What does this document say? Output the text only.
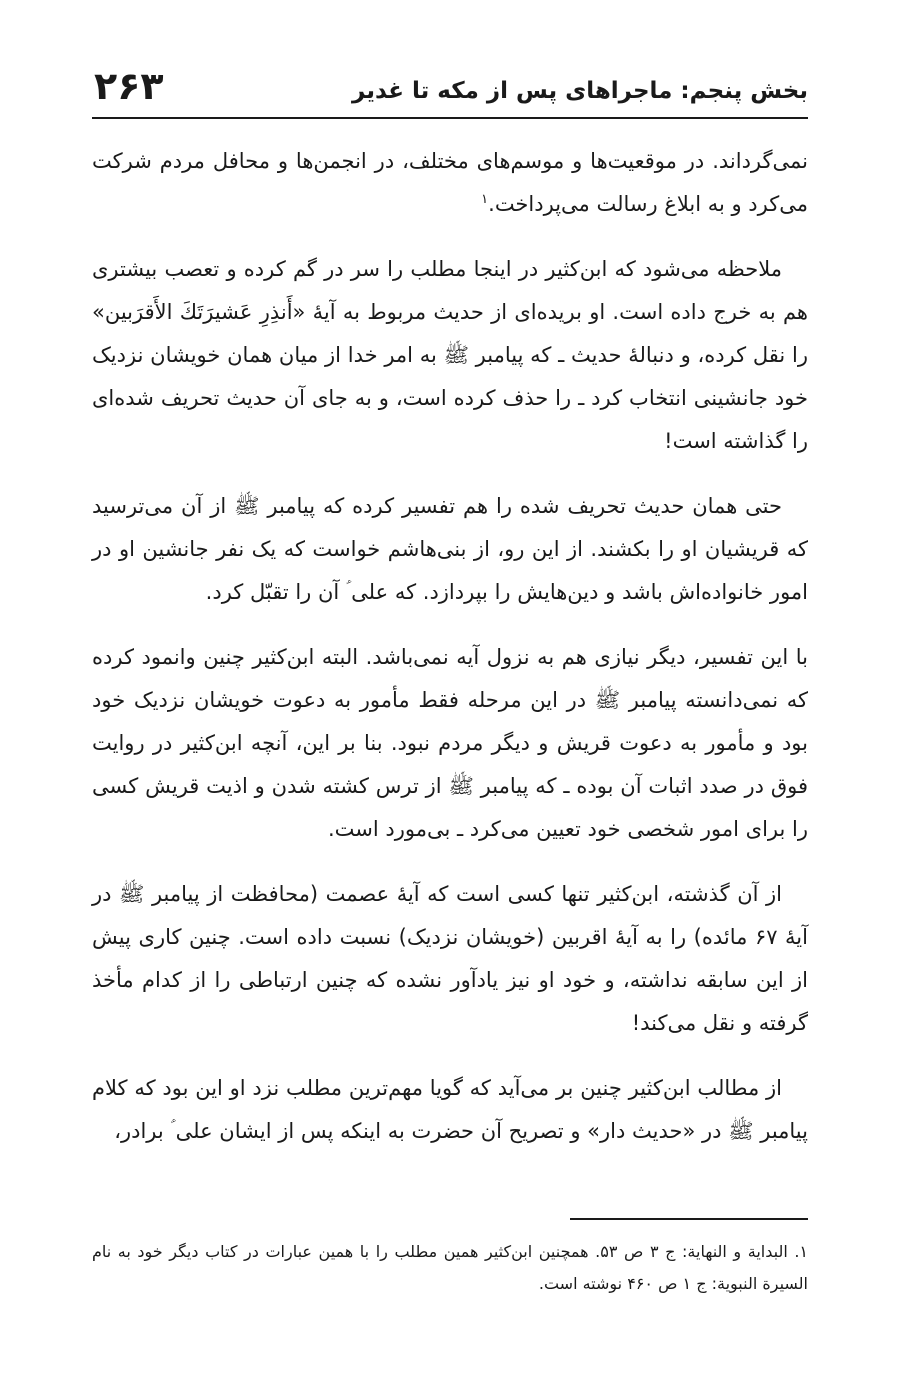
بخش پنجم: ماجراهای پس از مکه تا غدیر
۲۶۳

نمی‌گرداند. در موقعیت‌ها و موسم‌های مختلف، در انجمن‌ها و محافل مردم شرکت می‌کرد و به ابلاغ رسالت می‌پرداخت.$^۱$

ملاحظه می‌شود که ابن‌کثیر در اینجا مطلب را سر در گم کرده و تعصب بیشتری هم به خرج داده است. او بریده‌ای از حدیث مربوط به آیهٔ «أَنذِرِ عَشيرَتَكَ الأَقرَبين» را نقل کرده، و دنبالهٔ حدیث ـ که پیامبر ﷺ به امر خدا از میان همان خویشان نزدیک خود جانشینی انتخاب کرد ـ را حذف کرده است، و به جای آن حدیث تحریف شده‌ای را گذاشته است!

حتی همان حدیث تحریف شده را هم تفسیر کرده که پیامبر ﷺ از آن می‌ترسید که قریشیان او را بکشند. از این رو، از بنی‌هاشم خواست که یک نفر جانشین او در امور خانواده‌اش باشد و دین‌هایش را بپردازد. که علی ؑ آن را تقبّل کرد.

با این تفسیر، دیگر نیازی هم به نزول آیه نمی‌باشد. البته ابن‌کثیر چنین وانمود کرده که نمی‌دانسته پیامبر ﷺ در این مرحله فقط مأمور به دعوت خویشان نزدیک خود بود و مأمور به دعوت قریش و دیگر مردم نبود. بنا بر این، آنچه ابن‌کثیر در روایت فوق در صدد اثبات آن بوده ـ که پیامبر ﷺ از ترس کشته شدن و اذیت قریش کسی را برای امور شخصی خود تعیین می‌کرد ـ بی‌مورد است.

از آن گذشته، ابن‌کثیر تنها کسی است که آیهٔ عصمت (محافظت از پیامبر ﷺ در آیهٔ ۶۷ مائده) را به آیهٔ اقربین (خویشان نزدیک) نسبت داده است. چنین کاری پیش از این سابقه نداشته، و خود او نیز یادآور نشده که چنین ارتباطی را از کدام مأخذ گرفته و نقل می‌کند!

از مطالب ابن‌کثیر چنین بر می‌آید که گویا مهم‌ترین مطلب نزد او این بود که کلام پیامبر ﷺ در «حدیث دار» و تصریح آن حضرت به اینکه پس از ایشان علی ؑ برادر،

۱. البدایة و النهایة: ج ۳ ص ۵۳. همچنین ابن‌کثیر همین مطلب را با همین عبارات در کتاب دیگر خود به نام السیرة النبویة: ج ۱ ص ۴۶۰ نوشته است.
